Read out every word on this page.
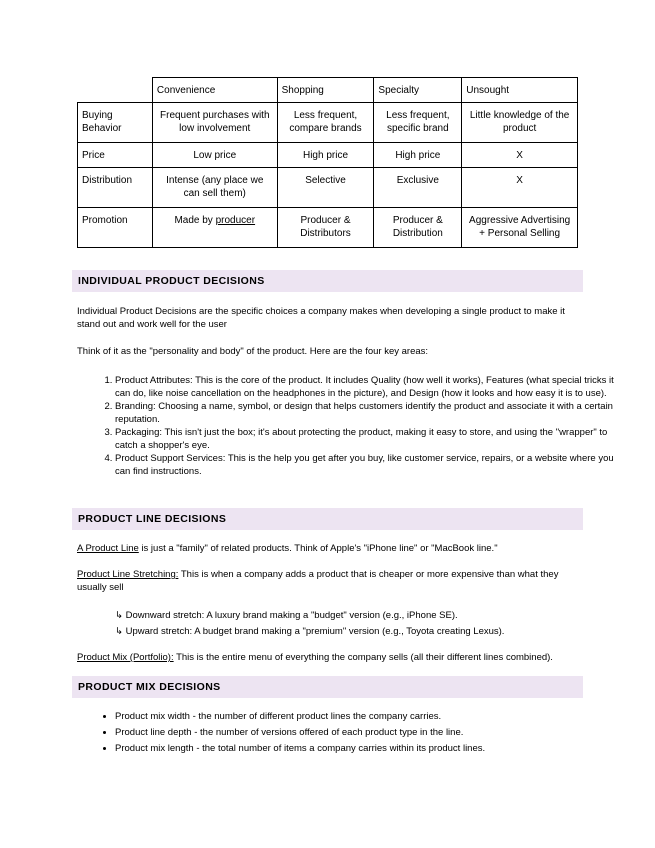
	Convenience	Shopping	Specialty	Unsought
Buying Behavior	Frequent purchases with low involvement	Less frequent, compare brands	Less frequent, specific brand	Little knowledge of the product
Price	Low price	High price	High price	X
Distribution	Intense (any place we can sell them)	Selective	Exclusive	X
Promotion	Made by producer	Producer & Distributors	Producer & Distribution	Aggressive Advertising + Personal Selling
INDIVIDUAL PRODUCT DECISIONS
Individual Product Decisions are the specific choices a company makes when developing a single product to make it stand out and work well for the user
Think of it as the "personality and body" of the product. Here are the four key areas:
1. Product Attributes: This is the core of the product. It includes Quality (how well it works), Features (what special tricks it can do, like noise cancellation on the headphones in the picture), and Design (how it looks and how easy it is to use).
2. Branding: Choosing a name, symbol, or design that helps customers identify the product and associate it with a certain reputation.
3. Packaging: This isn't just the box; it's about protecting the product, making it easy to store, and using the "wrapper" to catch a shopper's eye.
4. Product Support Services: This is the help you get after you buy, like customer service, repairs, or a website where you can find instructions.
PRODUCT LINE DECISIONS
A Product Line is just a "family" of related products. Think of Apple's "iPhone line" or "MacBook line."
Product Line Stretching: This is when a company adds a product that is cheaper or more expensive than what they usually sell
↳ Downward stretch: A luxury brand making a "budget" version (e.g., iPhone SE).
↳ Upward stretch: A budget brand making a "premium" version (e.g., Toyota creating Lexus).
Product Mix (Portfolio): This is the entire menu of everything the company sells (all their different lines combined).
PRODUCT MIX DECISIONS
• Product mix width - the number of different product lines the company carries.
• Product line depth - the number of versions offered of each product type in the line.
• Product mix length - the total number of items a company carries within its product lines.
